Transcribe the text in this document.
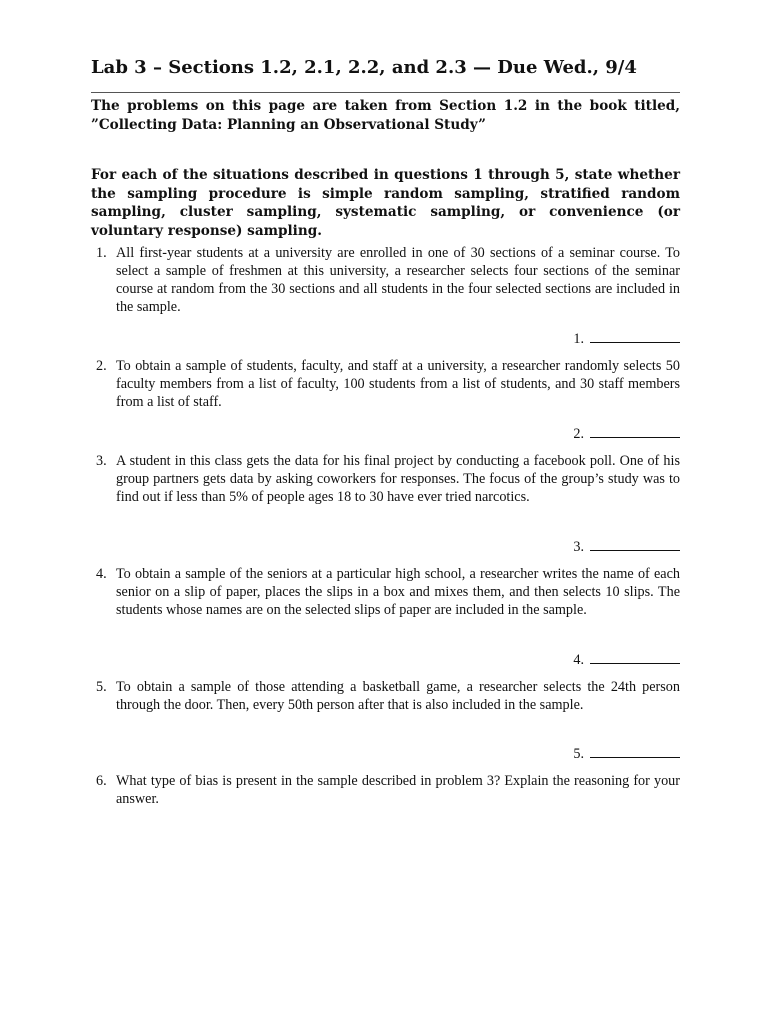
Lab 3 – Sections 1.2, 2.1, 2.2, and 2.3 — Due Wed., 9/4
The problems on this page are taken from Section 1.2 in the book titled, ”Collecting Data: Planning an Observational Study”
For each of the situations described in questions 1 through 5, state whether the sampling procedure is simple random sampling, stratified random sampling, cluster sampling, systematic sampling, or convenience (or voluntary response) sampling.
1. All first-year students at a university are enrolled in one of 30 sections of a seminar course. To select a sample of freshmen at this university, a researcher selects four sections of the seminar course at random from the 30 sections and all students in the four selected sections are included in the sample.
1.
2. To obtain a sample of students, faculty, and staff at a university, a researcher randomly selects 50 faculty members from a list of faculty, 100 students from a list of students, and 30 staff members from a list of staff.
2.
3. A student in this class gets the data for his final project by conducting a facebook poll. One of his group partners gets data by asking coworkers for responses. The focus of the group’s study was to find out if less than 5% of people ages 18 to 30 have ever tried narcotics.
3.
4. To obtain a sample of the seniors at a particular high school, a researcher writes the name of each senior on a slip of paper, places the slips in a box and mixes them, and then selects 10 slips. The students whose names are on the selected slips of paper are included in the sample.
4.
5. To obtain a sample of those attending a basketball game, a researcher selects the 24th person through the door. Then, every 50th person after that is also included in the sample.
5.
6. What type of bias is present in the sample described in problem 3? Explain the reasoning for your answer.
